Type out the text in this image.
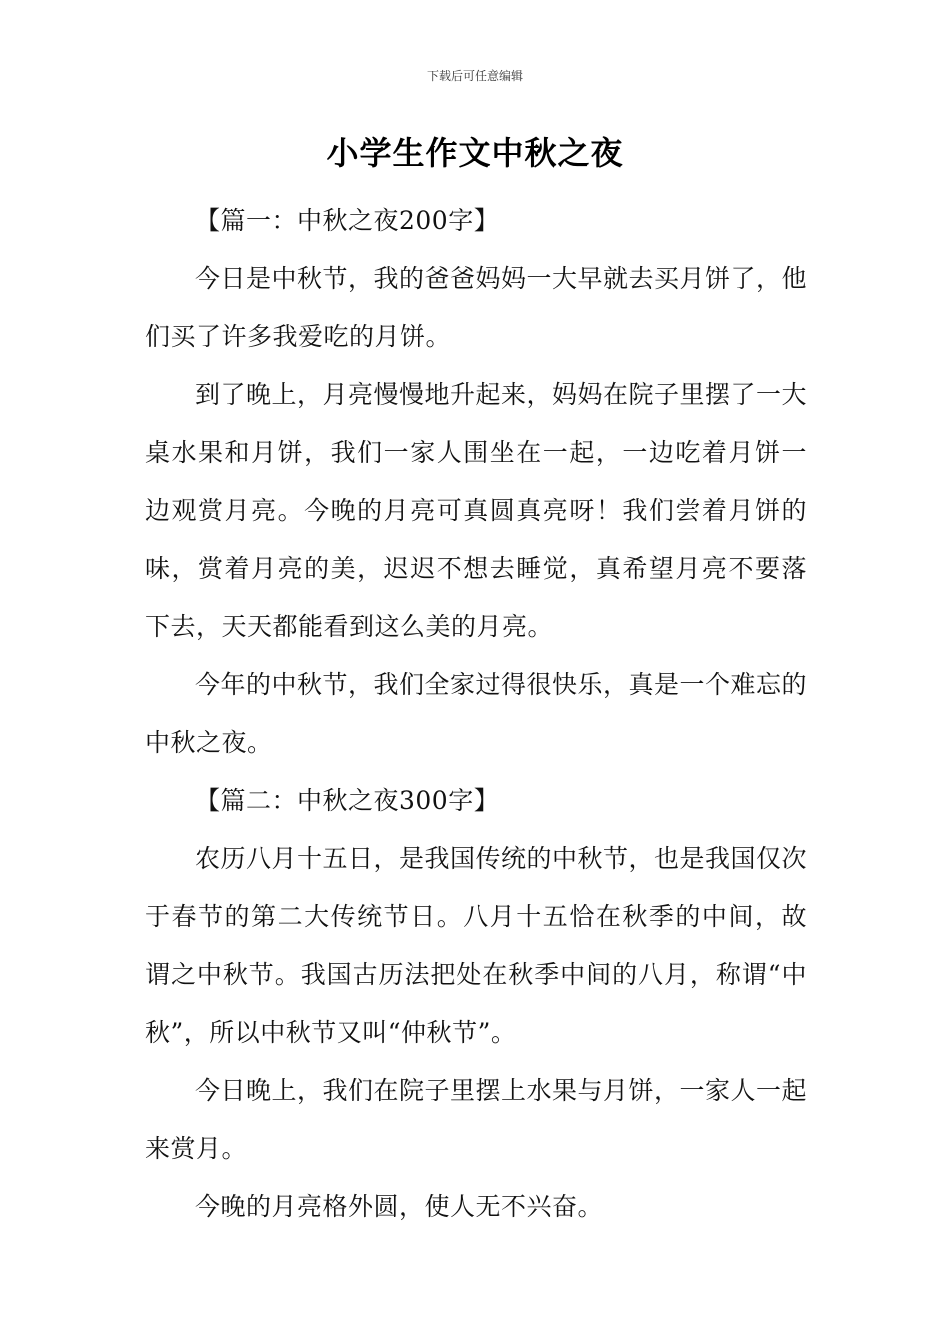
下载后可任意编辑
小学生作文中秋之夜

【篇一：中秋之夜200字】

今日是中秋节，我的爸爸妈妈一大早就去买月饼了，他们买了许多我爱吃的月饼。

到了晚上，月亮慢慢地升起来，妈妈在院子里摆了一大桌水果和月饼，我们一家人围坐在一起，一边吃着月饼一边观赏月亮。今晚的月亮可真圆真亮呀！我们尝着月饼的味，赏着月亮的美，迟迟不想去睡觉，真希望月亮不要落下去，天天都能看到这么美的月亮。

今年的中秋节，我们全家过得很快乐，真是一个难忘的中秋之夜。

【篇二：中秋之夜300字】

农历八月十五日，是我国传统的中秋节，也是我国仅次于春节的第二大传统节日。八月十五恰在秋季的中间，故谓之中秋节。我国古历法把处在秋季中间的八月，称谓“中秋”，所以中秋节又叫“仲秋节”。

今日晚上，我们在院子里摆上水果与月饼，一家人一起来赏月。

今晚的月亮格外圆，使人无不兴奋。
